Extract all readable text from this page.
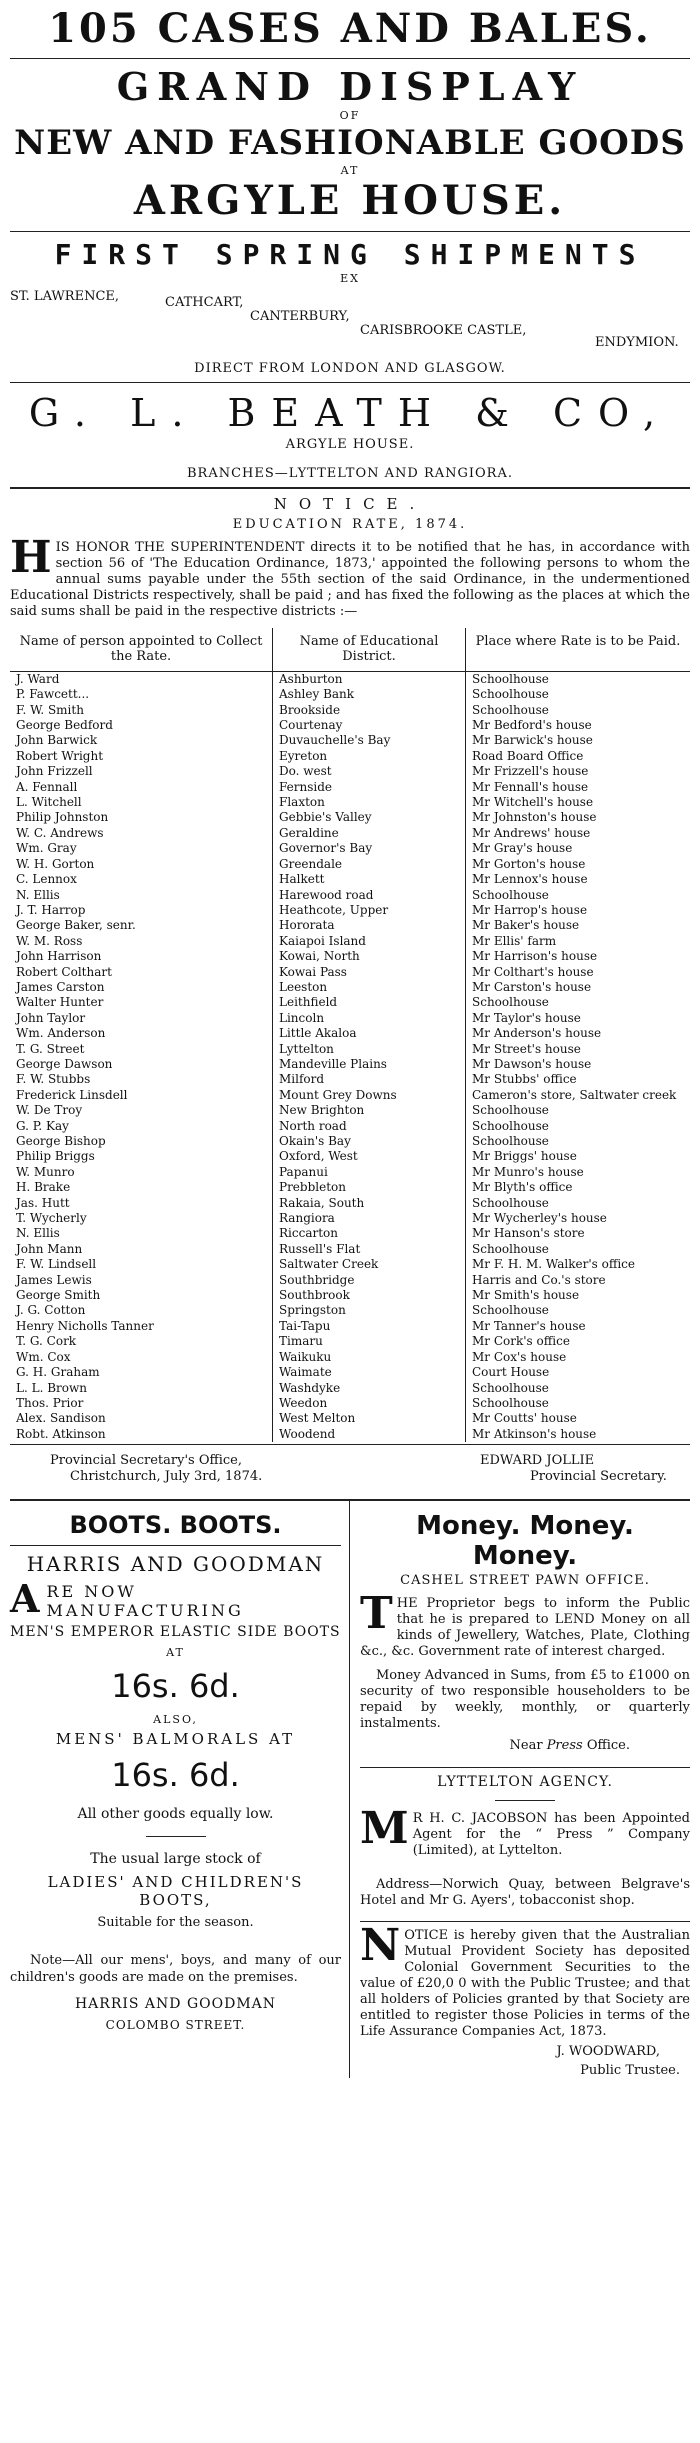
105 CASES AND BALES.
GRAND DISPLAY
OF
NEW AND FASHIONABLE GOODS
AT
ARGYLE HOUSE.
FIRST SPRING SHIPMENTS
EX
ST. LAWRENCE,	CATHCART,
CANTERBURY,
CARISBROOKE CASTLE,
ENDYMION.
DIRECT FROM LONDON AND GLASGOW.
G. L. BEATH & CO,
ARGYLE HOUSE.
BRANCHES—LYTTELTON AND RANGIORA.
NOTICE.
EDUCATION RATE, 1874.
H IS HONOR THE SUPERINTENDENT directs it to be notified that he has, in accordance with section 56 of 'The Education Ordinance, 1873,' appointed the following persons to whom the annual sums payable under the 55th section of the said Ordinance, in the undermentioned Educational Districts respectively, shall be paid ; and has fixed the following as the places at which the said sums shall be paid in the respective districts :—
Name of person appointed to Collect the Rate.	Name of Educational District.	Place where Rate is to be Paid.
J. Ward	Ashburton	Schoolhouse
P. Fawcett...	Ashley Bank	Schoolhouse
F. W. Smith	Brookside	Schoolhouse
George Bedford	Courtenay	Mr Bedford's house
John Barwick	Duvauchelle's Bay	Mr Barwick's house
Robert Wright	Eyreton	Road Board Office
John Frizzell	Do. west	Mr Frizzell's house
A. Fennall	Fernside	Mr Fennall's house
L. Witchell	Flaxton	Mr Witchell's house
Philip Johnston	Gebbie's Valley	Mr Johnston's house
W. C. Andrews	Geraldine	Mr Andrews' house
Wm. Gray	Governor's Bay	Mr Gray's house
W. H. Gorton	Greendale	Mr Gorton's house
C. Lennox	Halkett	Mr Lennox's house
N. Ellis	Harewood road	Schoolhouse
J. T. Harrop	Heathcote, Upper	Mr Harrop's house
George Baker, senr.	Hororata	Mr Baker's house
W. M. Ross	Kaiapoi Island	Mr Ellis' farm
John Harrison	Kowai, North	Mr Harrison's house
Robert Colthart	Kowai Pass	Mr Colthart's house
James Carston	Leeston	Mr Carston's house
Walter Hunter	Leithfield	Schoolhouse
John Taylor	Lincoln	Mr Taylor's house
Wm. Anderson	Little Akaloa	Mr Anderson's house
T. G. Street	Lyttelton	Mr Street's house
George Dawson	Mandeville Plains	Mr Dawson's house
F. W. Stubbs	Milford	Mr Stubbs' office
Frederick Linsdell	Mount Grey Downs	Cameron's store, Saltwater creek
W. De Troy	New Brighton	Schoolhouse
G. P. Kay	North road	Schoolhouse
George Bishop	Okain's Bay	Schoolhouse
Philip Briggs	Oxford, West	Mr Briggs' house
W. Munro	Papanui	Mr Munro's house
H. Brake	Prebbleton	Mr Blyth's office
Jas. Hutt	Rakaia, South	Schoolhouse
T. Wycherly	Rangiora	Mr Wycherley's house
N. Ellis	Riccarton	Mr Hanson's store
John Mann	Russell's Flat	Schoolhouse
F. W. Lindsell	Saltwater Creek	Mr F. H. M. Walker's office
James Lewis	Southbridge	Harris and Co.'s store
George Smith	Southbrook	Mr Smith's house
J. G. Cotton	Springston	Schoolhouse
Henry Nicholls Tanner	Tai-Tapu	Mr Tanner's house
T. G. Cork	Timaru	Mr Cork's office
Wm. Cox	Waikuku	Mr Cox's house
G. H. Graham	Waimate	Court House
L. L. Brown	Washdyke	Schoolhouse
Thos. Prior	Weedon	Schoolhouse
Alex. Sandison	West Melton	Mr Coutts' house
Robt. Atkinson	Woodend	Mr Atkinson's house
Provincial Secretary's Office,
Christchurch, July 3rd, 1874.
EDWARD JOLLIE
Provincial Secretary.
BOOTS. BOOTS.
HARRIS AND GOODMAN
A RE NOW MANUFACTURING
MEN'S EMPEROR ELASTIC SIDE BOOTS
AT
16s. 6d.
ALSO,
MENS' BALMORALS AT
16s. 6d.
All other goods equally low.
The usual large stock of
LADIES' AND CHILDREN'S BOOTS,
Suitable for the season.
Note—All our mens', boys, and many of our children's goods are made on the premises.
HARRIS AND GOODMAN
COLOMBO STREET.
Money. Money. Money.
CASHEL STREET PAWN OFFICE.
T HE Proprietor begs to inform the Public that he is prepared to LEND Money on all kinds of Jewellery, Watches, Plate, Clothing &c., &c. Government rate of interest charged.
Money Advanced in Sums, from £5 to £1000 on security of two responsible householders to be repaid by weekly, monthly, or quarterly instalments.
Near Press Office.
LYTTELTON AGENCY.
M R H. C. JACOBSON has been Appointed Agent for the “ Press ” Company (Limited), at Lyttelton.
Address—Norwich Quay, between Belgrave's Hotel and Mr G. Ayers', tobacconist shop.
N OTICE is hereby given that the Australian Mutual Provident Society has deposited Colonial Government Securities to the value of £20,0 0 with the Public Trustee; and that all holders of Policies granted by that Society are entitled to register those Policies in terms of the Life Assurance Companies Act, 1873.
J. WOODWARD,
Public Trustee.
